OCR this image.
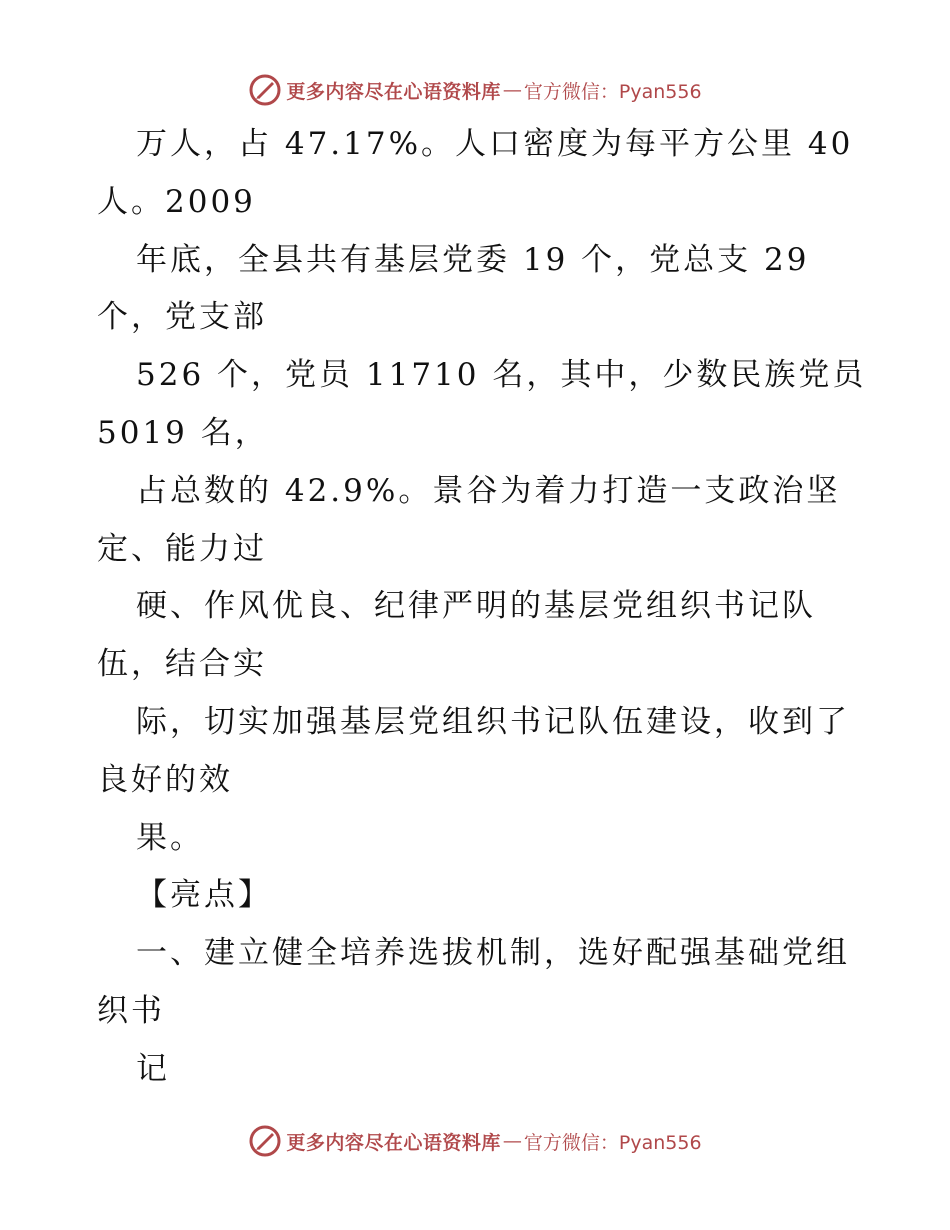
更多内容尽在心语资料库 — 官方微信：Pyan556
万人，占 47.17%。人口密度为每平方公里 40
人。2009
年底，全县共有基层党委 19 个，党总支 29
个，党支部
526 个，党员 11710 名，其中，少数民族党员
5019 名，
占总数的 42.9%。景谷为着力打造一支政治坚
定、能力过
硬、作风优良、纪律严明的基层党组织书记队
伍，结合实
际，切实加强基层党组织书记队伍建设，收到了
良好的效
果。
【亮点】
一、建立健全培养选拔机制，选好配强基础党组
织书
记
更多内容尽在心语资料库 — 官方微信：Pyan556
